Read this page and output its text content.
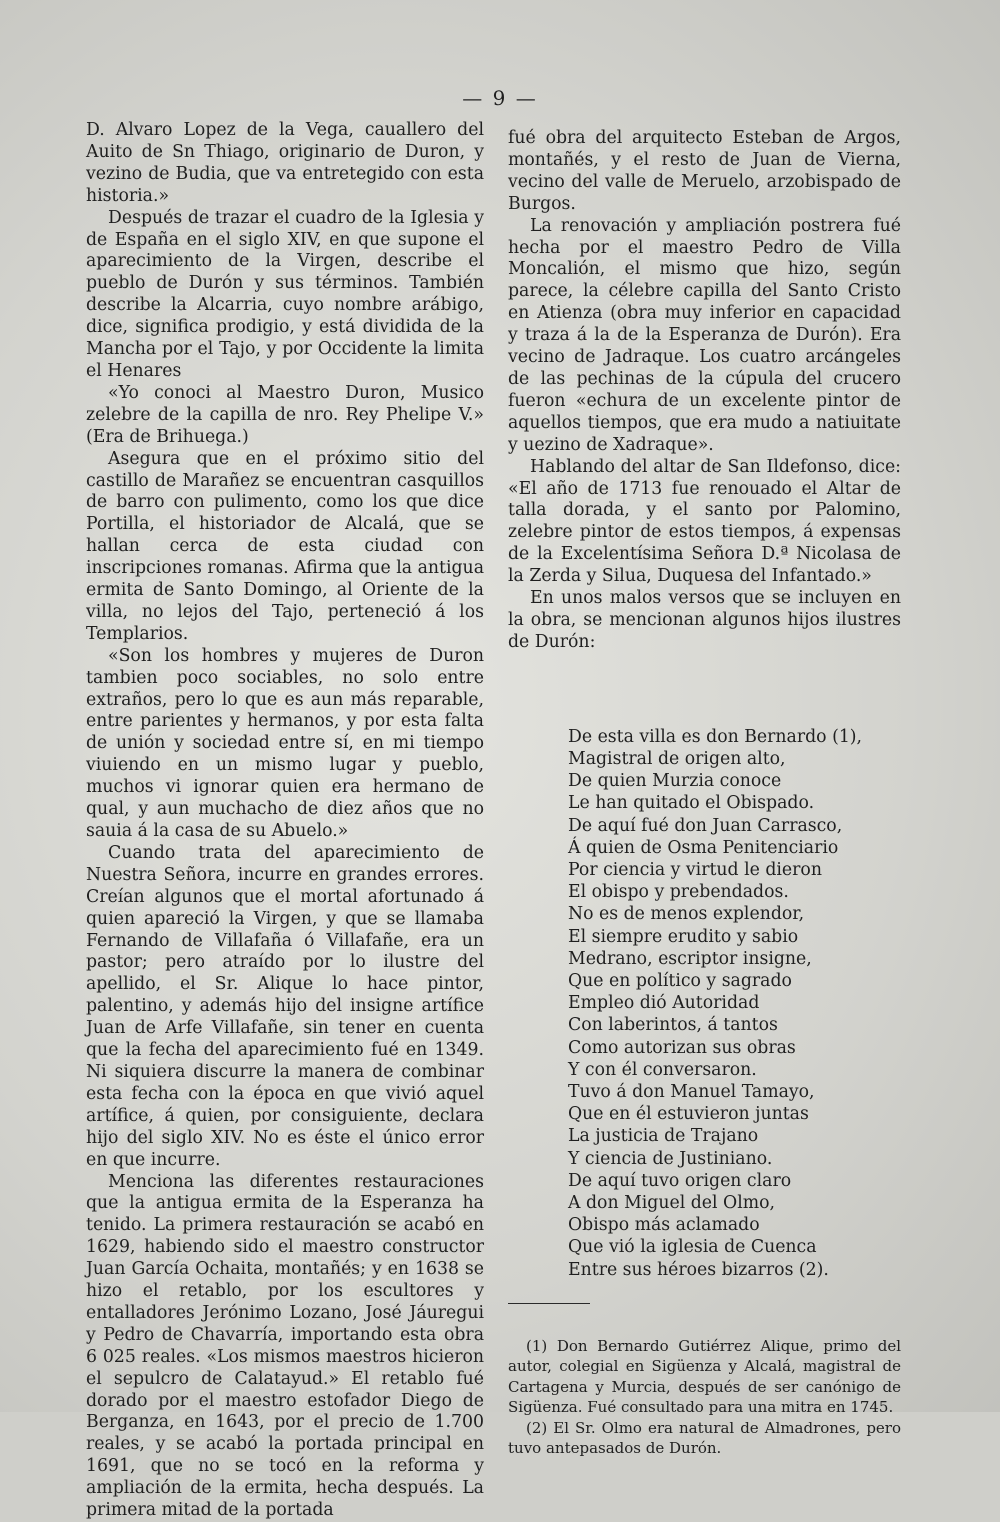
— 9 —

D. Alvaro Lopez de la Vega, cauallero del Auito de Sn Thiago, originario de Duron, y vezino de Budia, que va entretegido con esta historia.»

Después de trazar el cuadro de la Iglesia y de España en el siglo XIV, en que supone el aparecimiento de la Virgen, describe el pueblo de Durón y sus términos. También describe la Alcarria, cuyo nombre arábigo, dice, significa prodigio, y está dividida de la Mancha por el Tajo, y por Occidente la limita el Henares

«Yo conoci al Maestro Duron, Musico zelebre de la capilla de nro. Rey Phelipe V.» (Era de Brihuega.)

Asegura que en el próximo sitio del castillo de Marañez se encuentran casquillos de barro con pulimento, como los que dice Portilla, el historiador de Alcalá, que se hallan cerca de esta ciudad con inscripciones romanas. Afirma que la antigua ermita de Santo Domingo, al Oriente de la villa, no lejos del Tajo, perteneció á los Templarios.

«Son los hombres y mujeres de Duron tambien poco sociables, no solo entre extraños, pero lo que es aun más reparable, entre parientes y hermanos, y por esta falta de unión y sociedad entre sí, en mi tiempo viuiendo en un mismo lugar y pueblo, muchos vi ignorar quien era hermano de qual, y aun muchacho de diez años que no sauia á la casa de su Abuelo.»

Cuando trata del aparecimiento de Nuestra Señora, incurre en grandes errores. Creían algunos que el mortal afortunado á quien apareció la Virgen, y que se llamaba Fernando de Villafaña ó Villafañe, era un pastor; pero atraído por lo ilustre del apellido, el Sr. Alique lo hace pintor, palentino, y además hijo del insigne artífice Juan de Arfe Villafañe, sin tener en cuenta que la fecha del aparecimiento fué en 1349. Ni siquiera discurre la manera de combinar esta fecha con la época en que vivió aquel artífice, á quien, por consiguiente, declara hijo del siglo XIV. No es éste el único error en que incurre.

Menciona las diferentes restauraciones que la antigua ermita de la Esperanza ha tenido. La primera restauración se acabó en 1629, habiendo sido el maestro constructor Juan García Ochaita, montañés; y en 1638 se hizo el retablo, por los escultores y entalladores Jerónimo Lozano, José Jáuregui y Pedro de Chavarría, importando esta obra 6 025 reales. «Los mismos maestros hicieron el sepulcro de Calatayud.» El retablo fué dorado por el maestro estofador Diego de Berganza, en 1643, por el precio de 1.700 reales, y se acabó la portada principal en 1691, que no se tocó en la reforma y ampliación de la ermita, hecha después. La primera mitad de la portada

fué obra del arquitecto Esteban de Argos, montañés, y el resto de Juan de Vierna, vecino del valle de Meruelo, arzobispado de Burgos.

La renovación y ampliación postrera fué hecha por el maestro Pedro de Villa Moncalión, el mismo que hizo, según parece, la célebre capilla del Santo Cristo en Atienza (obra muy inferior en capacidad y traza á la de la Esperanza de Durón). Era vecino de Jadraque. Los cuatro arcángeles de las pechinas de la cúpula del crucero fueron «echura de un excelente pintor de aquellos tiempos, que era mudo a natiuitate y uezino de Xadraque».

Hablando del altar de San Ildefonso, dice: «El año de 1713 fue renouado el Altar de talla dorada, y el santo por Palomino, zelebre pintor de estos tiempos, á expensas de la Excelentísima Señora D.ª Nicolasa de la Zerda y Silua, Duquesa del Infantado.»

En unos malos versos que se incluyen en la obra, se mencionan algunos hijos ilustres de Durón:

De esta villa es don Bernardo (1),
Magistral de origen alto,
De quien Murzia conoce
Le han quitado el Obispado.
De aquí fué don Juan Carrasco,
Á quien de Osma Penitenciario
Por ciencia y virtud le dieron
El obispo y prebendados.
No es de menos explendor,
El siempre erudito y sabio
Medrano, escriptor insigne,
Que en político y sagrado
Empleo dió Autoridad
Con laberintos, á tantos
Como autorizan sus obras
Y con él conversaron.
Tuvo á don Manuel Tamayo,
Que en él estuvieron juntas
La justicia de Trajano
Y ciencia de Justiniano.
De aquí tuvo origen claro
A don Miguel del Olmo,
Obispo más aclamado
Que vió la iglesia de Cuenca
Entre sus héroes bizarros (2).

(1) Don Bernardo Gutiérrez Alique, primo del autor, colegial en Sigüenza y Alcalá, magistral de Cartagena y Murcia, después de ser canónigo de Sigüenza. Fué consultado para una mitra en 1745.

(2) El Sr. Olmo era natural de Almadrones, pero tuvo antepasados de Durón.
